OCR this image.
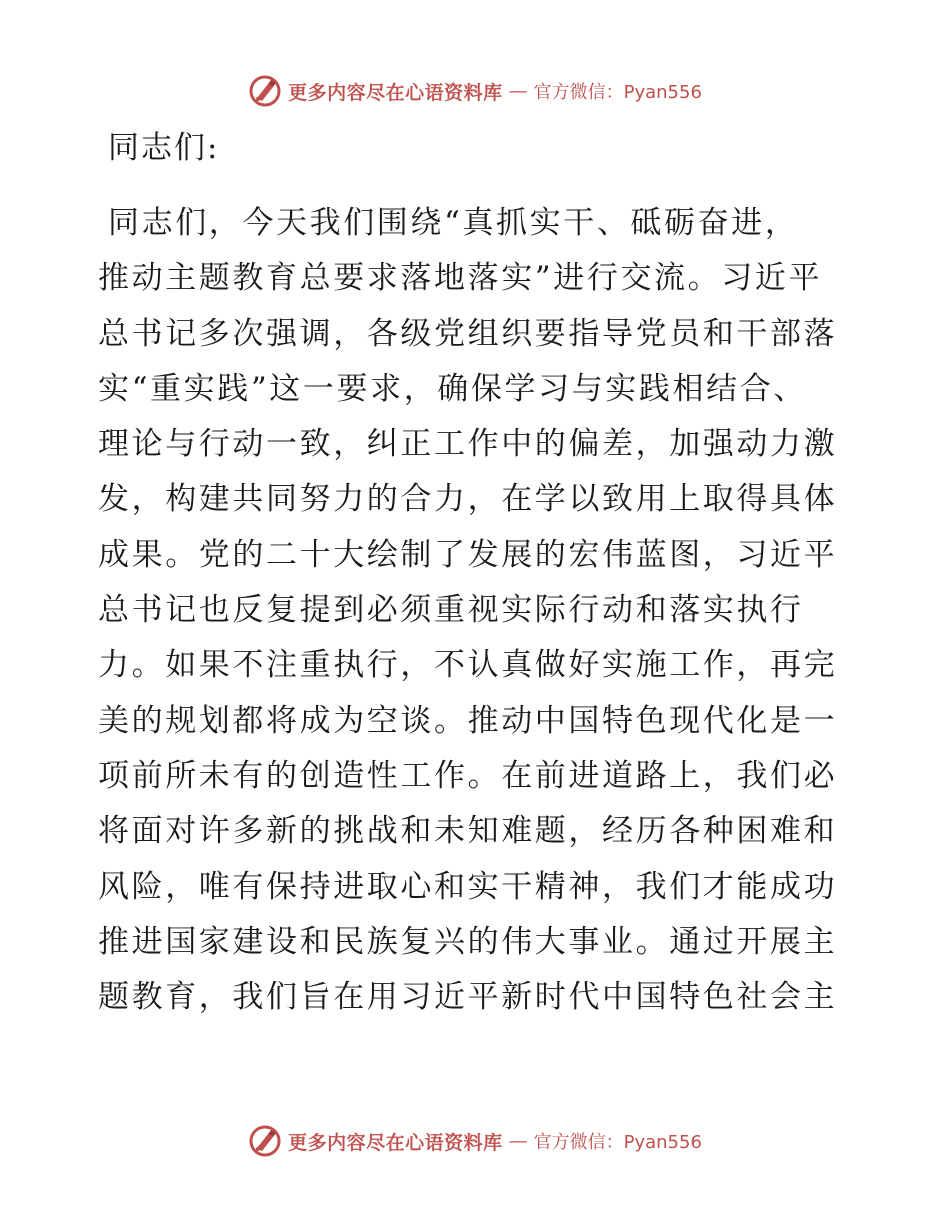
更多内容尽在心语资料库 — 官方微信：Pyan556
同志们:
同志们，今天我们围绕“真抓实干、砥砺奋进，
推动主题教育总要求落地落实”进行交流。习近平
总书记多次强调，各级党组织要指导党员和干部落
实“重实践”这一要求，确保学习与实践相结合、
理论与行动一致，纠正工作中的偏差，加强动力激
发，构建共同努力的合力，在学以致用上取得具体
成果。党的二十大绘制了发展的宏伟蓝图，习近平
总书记也反复提到必须重视实际行动和落实执行
力。如果不注重执行，不认真做好实施工作，再完
美的规划都将成为空谈。推动中国特色现代化是一
项前所未有的创造性工作。在前进道路上，我们必
将面对许多新的挑战和未知难题，经历各种困难和
风险，唯有保持进取心和实干精神，我们才能成功
推进国家建设和民族复兴的伟大事业。通过开展主
题教育，我们旨在用习近平新时代中国特色社会主
更多内容尽在心语资料库 — 官方微信：Pyan556
